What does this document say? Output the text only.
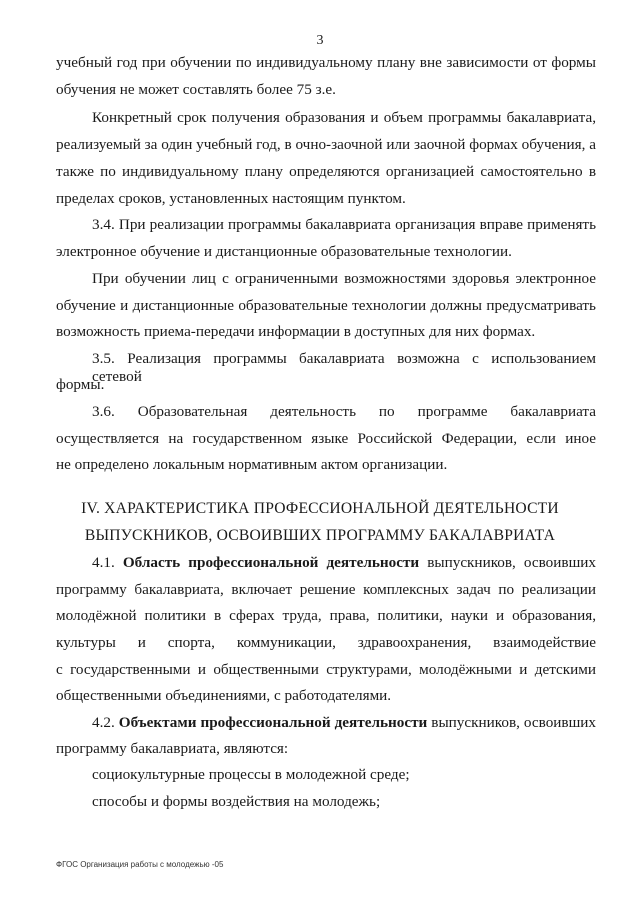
3
учебный год при обучении по индивидуальному плану вне зависимости от формы
обучения не может составлять более 75 з.е.
Конкретный срок получения образования и объем программы бакалавриата,
реализуемый за один учебный год, в очно-заочной или заочной формах обучения, а
также по индивидуальному плану определяются организацией самостоятельно в
пределах сроков, установленных настоящим пунктом.
3.4. При реализации программы бакалавриата организация вправе применять
электронное обучение и дистанционные образовательные технологии.
При обучении лиц с ограниченными возможностями здоровья электронное
обучение и дистанционные образовательные технологии должны предусматривать
возможность приема-передачи информации в доступных для них формах.
3.5. Реализация программы бакалавриата возможна с использованием сетевой
формы.
3.6. Образовательная деятельность по программе бакалавриата
осуществляется на государственном языке Российской Федерации, если иное
не определено локальным нормативным актом организации.
IV. ХАРАКТЕРИСТИКА ПРОФЕССИОНАЛЬНОЙ ДЕЯТЕЛЬНОСТИ
ВЫПУСКНИКОВ, ОСВОИВШИХ ПРОГРАММУ БАКАЛАВРИАТА
4.1. Область профессиональной деятельности выпускников, освоивших
программу бакалавриата, включает решение комплексных задач по реализации
молодёжной политики в сферах труда, права, политики, науки и образования,
культуры и спорта, коммуникации, здравоохранения, взаимодействие
с государственными и общественными структурами, молодёжными и детскими
общественными объединениями, с работодателями.
4.2. Объектами профессиональной деятельности выпускников, освоивших
программу бакалавриата, являются:
социокультурные процессы в молодежной среде;
способы и формы воздействия на молодежь;
ФГОС Организация работы с молодежью -05
